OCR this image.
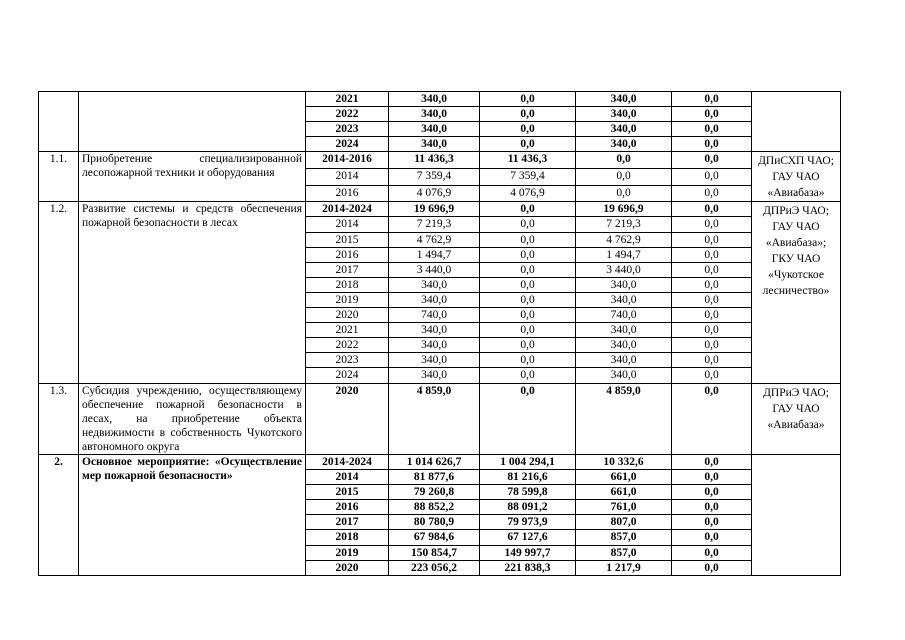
		2021	340,0	0,0	340,0	0,0	
		2022	340,0	0,0	340,0	0,0	
		2023	340,0	0,0	340,0	0,0	
		2024	340,0	0,0	340,0	0,0	
1.1.	Приобретение специализированной лесопожарной техники и оборудования	2014-2016	11 436,3	11 436,3	0,0	0,0	ДПиСХП ЧАО; ГАУ ЧАО «Авиабаза»
		2014	7 359,4	7 359,4	0,0	0,0	
		2016	4 076,9	4 076,9	0,0	0,0	
1.2.	Развитие системы и средств обеспечения пожарной безопасности в лесах	2014-2024	19 696,9	0,0	19 696,9	0,0	ДПРиЭ ЧАО; ГАУ ЧАО «Авиабаза»; ГКУ ЧАО «Чукотское лесничество»
		2014	7 219,3	0,0	7 219,3	0,0	
		2015	4 762,9	0,0	4 762,9	0,0	
		2016	1 494,7	0,0	1 494,7	0,0	
		2017	3 440,0	0,0	3 440,0	0,0	
		2018	340,0	0,0	340,0	0,0	
		2019	340,0	0,0	340,0	0,0	
		2020	740,0	0,0	740,0	0,0	
		2021	340,0	0,0	340,0	0,0	
		2022	340,0	0,0	340,0	0,0	
		2023	340,0	0,0	340,0	0,0	
		2024	340,0	0,0	340,0	0,0	
1.3.	Субсидия учреждению, осуществляющему обеспечение пожарной безопасности в лесах, на приобретение объекта недвижимости в собственность Чукотского автономного округа	2020	4 859,0	0,0	4 859,0	0,0	ДПРиЭ ЧАО; ГАУ ЧАО «Авиабаза»
2.	Основное мероприятие: «Осуществление мер пожарной безопасности»	2014-2024	1 014 626,7	1 004 294,1	10 332,6	0,0	
		2014	81 877,6	81 216,6	661,0	0,0	
		2015	79 260,8	78 599,8	661,0	0,0	
		2016	88 852,2	88 091,2	761,0	0,0	
		2017	80 780,9	79 973,9	807,0	0,0	
		2018	67 984,6	67 127,6	857,0	0,0	
		2019	150 854,7	149 997,7	857,0	0,0	
		2020	223 056,2	221 838,3	1 217,9	0,0	
